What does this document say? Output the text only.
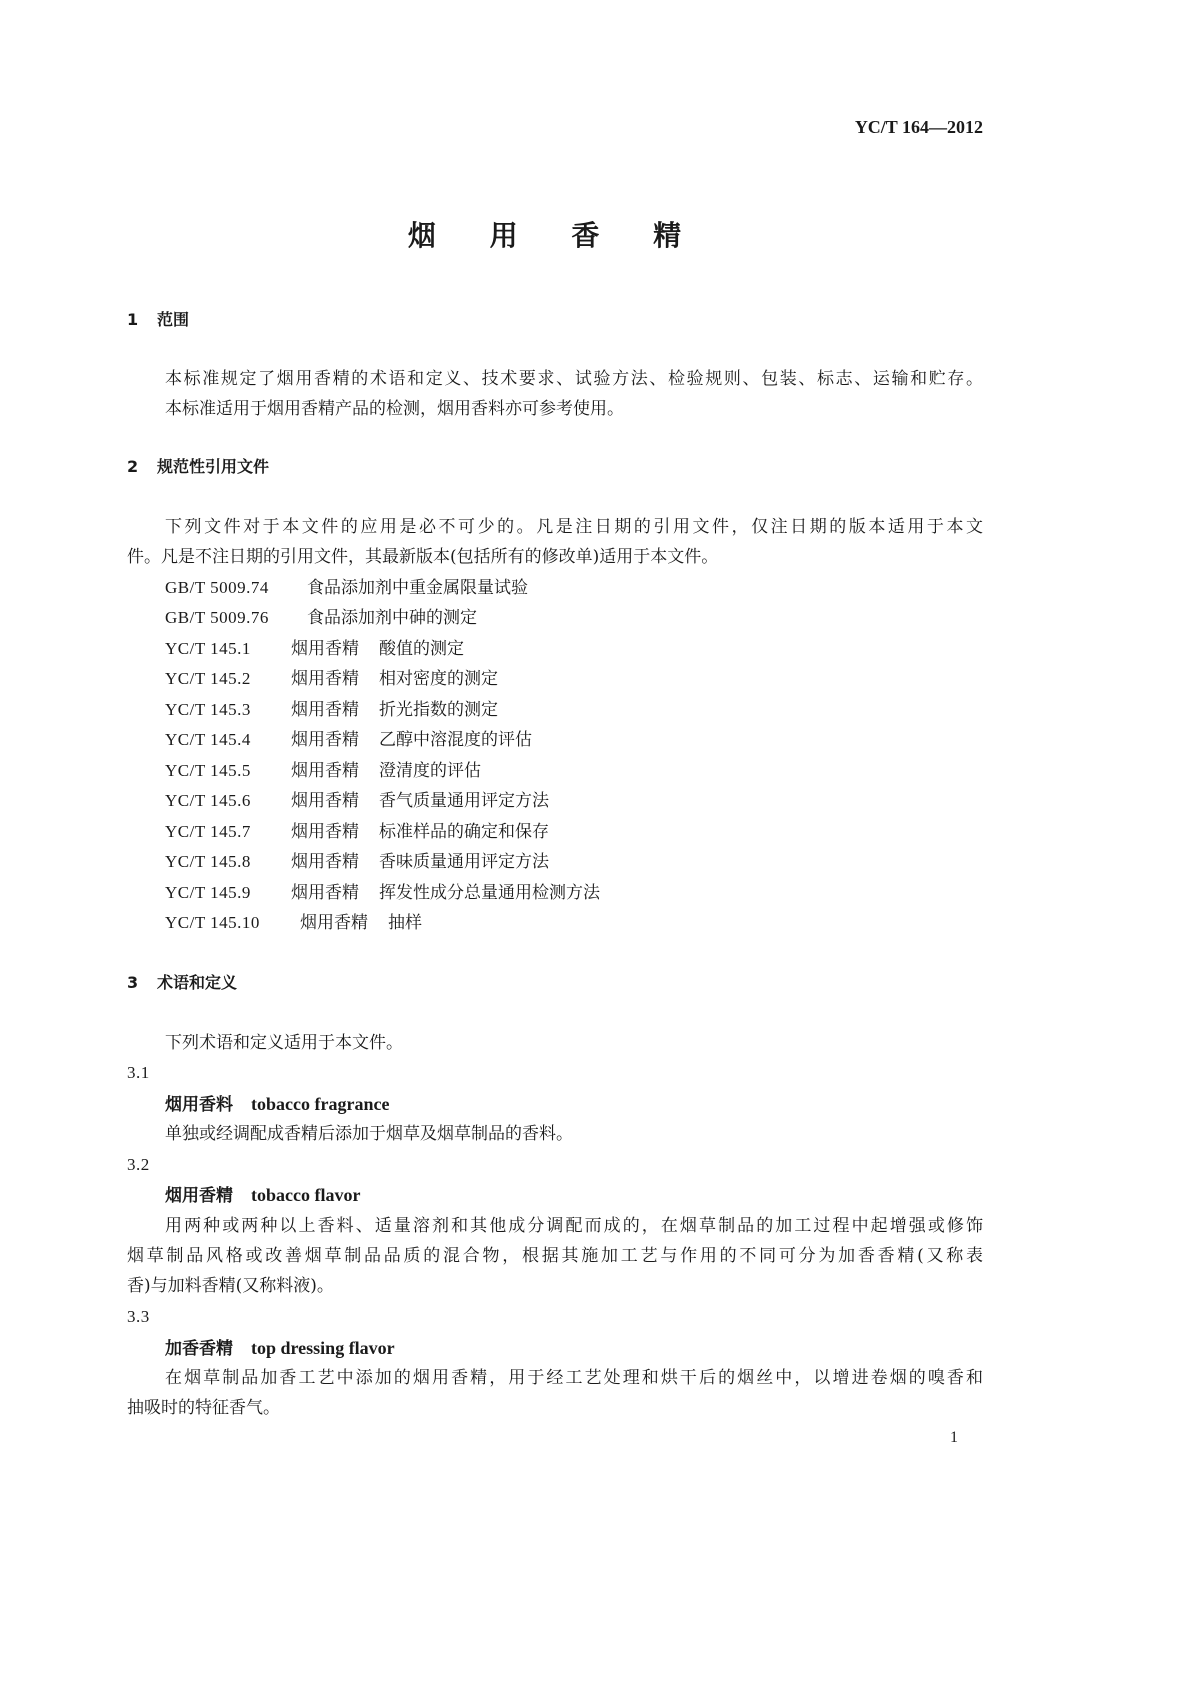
YC/T 164—2012
烟 用 香 精
1 范围
本标准规定了烟用香精的术语和定义、技术要求、试验方法、检验规则、包装、标志、运输和贮存。
本标准适用于烟用香精产品的检测，烟用香料亦可参考使用。
2 规范性引用文件
下列文件对于本文件的应用是必不可少的。凡是注日期的引用文件，仅注日期的版本适用于本文
件。凡是不注日期的引用文件，其最新版本(包括所有的修改单)适用于本文件。
GB/T 5009.74 食品添加剂中重金属限量试验
GB/T 5009.76 食品添加剂中砷的测定
YC/T 145.1 烟用香精 酸值的测定
YC/T 145.2 烟用香精 相对密度的测定
YC/T 145.3 烟用香精 折光指数的测定
YC/T 145.4 烟用香精 乙醇中溶混度的评估
YC/T 145.5 烟用香精 澄清度的评估
YC/T 145.6 烟用香精 香气质量通用评定方法
YC/T 145.7 烟用香精 标准样品的确定和保存
YC/T 145.8 烟用香精 香味质量通用评定方法
YC/T 145.9 烟用香精 挥发性成分总量通用检测方法
YC/T 145.10 烟用香精 抽样
3 术语和定义
下列术语和定义适用于本文件。
3.1
烟用香料 tobacco fragrance
单独或经调配成香精后添加于烟草及烟草制品的香料。
3.2
烟用香精 tobacco flavor
用两种或两种以上香料、适量溶剂和其他成分调配而成的，在烟草制品的加工过程中起增强或修饰
烟草制品风格或改善烟草制品品质的混合物，根据其施加工艺与作用的不同可分为加香香精(又称表
香)与加料香精(又称料液)。
3.3
加香香精 top dressing flavor
在烟草制品加香工艺中添加的烟用香精，用于经工艺处理和烘干后的烟丝中，以增进卷烟的嗅香和
抽吸时的特征香气。
1
